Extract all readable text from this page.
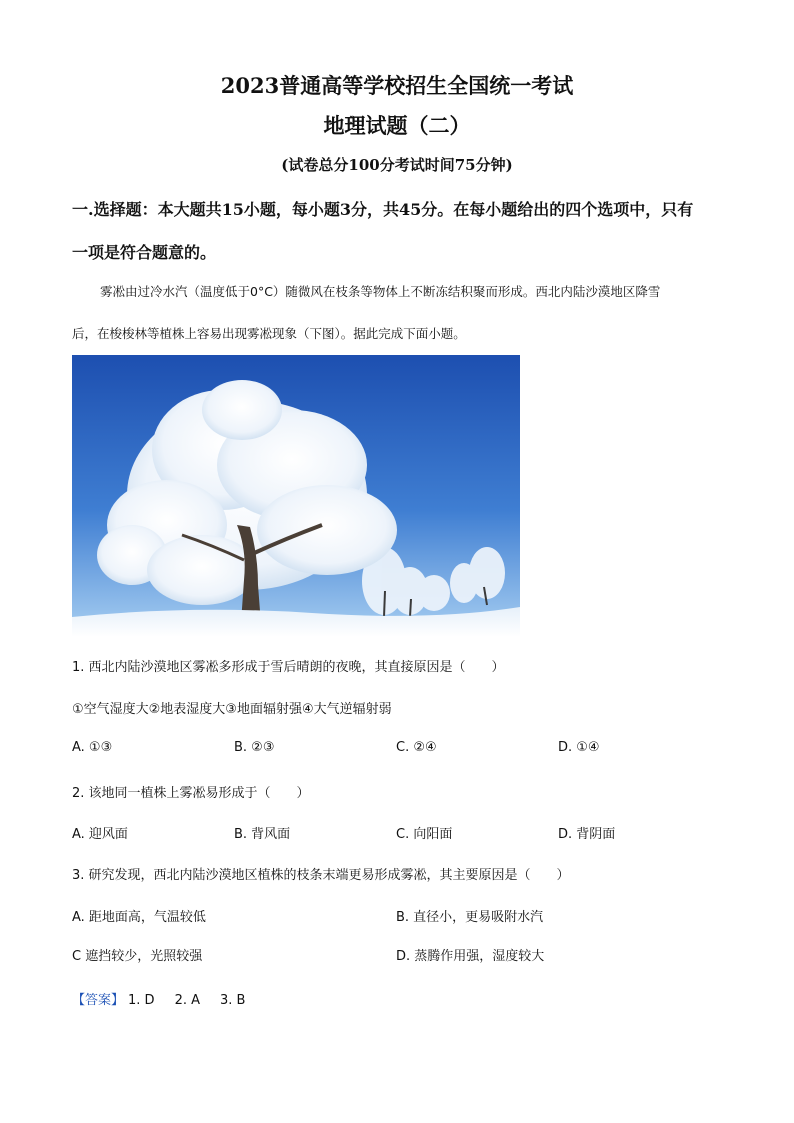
2023普通高等学校招生全国统一考试
地理试题（二）
(试卷总分100分考试时间75分钟)
一.选择题：本大题共15小题，每小题3分，共45分。在每小题给出的四个选项中，只有
一项是符合题意的。
雾凇由过冷水汽（温度低于0°C）随微风在枝条等物体上不断冻结积聚而形成。西北内陆沙漠地区降雪
后，在梭梭林等植株上容易出现雾凇现象（下图）。据此完成下面小题。
1. 西北内陆沙漠地区雾凇多形成于雪后晴朗的夜晚，其直接原因是（　　）
①空气湿度大②地表湿度大③地面辐射强④大气逆辐射弱
A. ①③	B. ②③	C. ②④	D. ①④
2. 该地同一植株上雾凇易形成于（　　）
A. 迎风面	B. 背风面	C. 向阳面	D. 背阴面
3. 研究发现，西北内陆沙漠地区植株的枝条末端更易形成雾凇，其主要原因是（　　）
A. 距地面高，气温较低	B. 直径小，更易吸附水汽
C 遮挡较少，光照较强	D. 蒸腾作用强，湿度较大
【答案】 1. D 2. A 3. B
